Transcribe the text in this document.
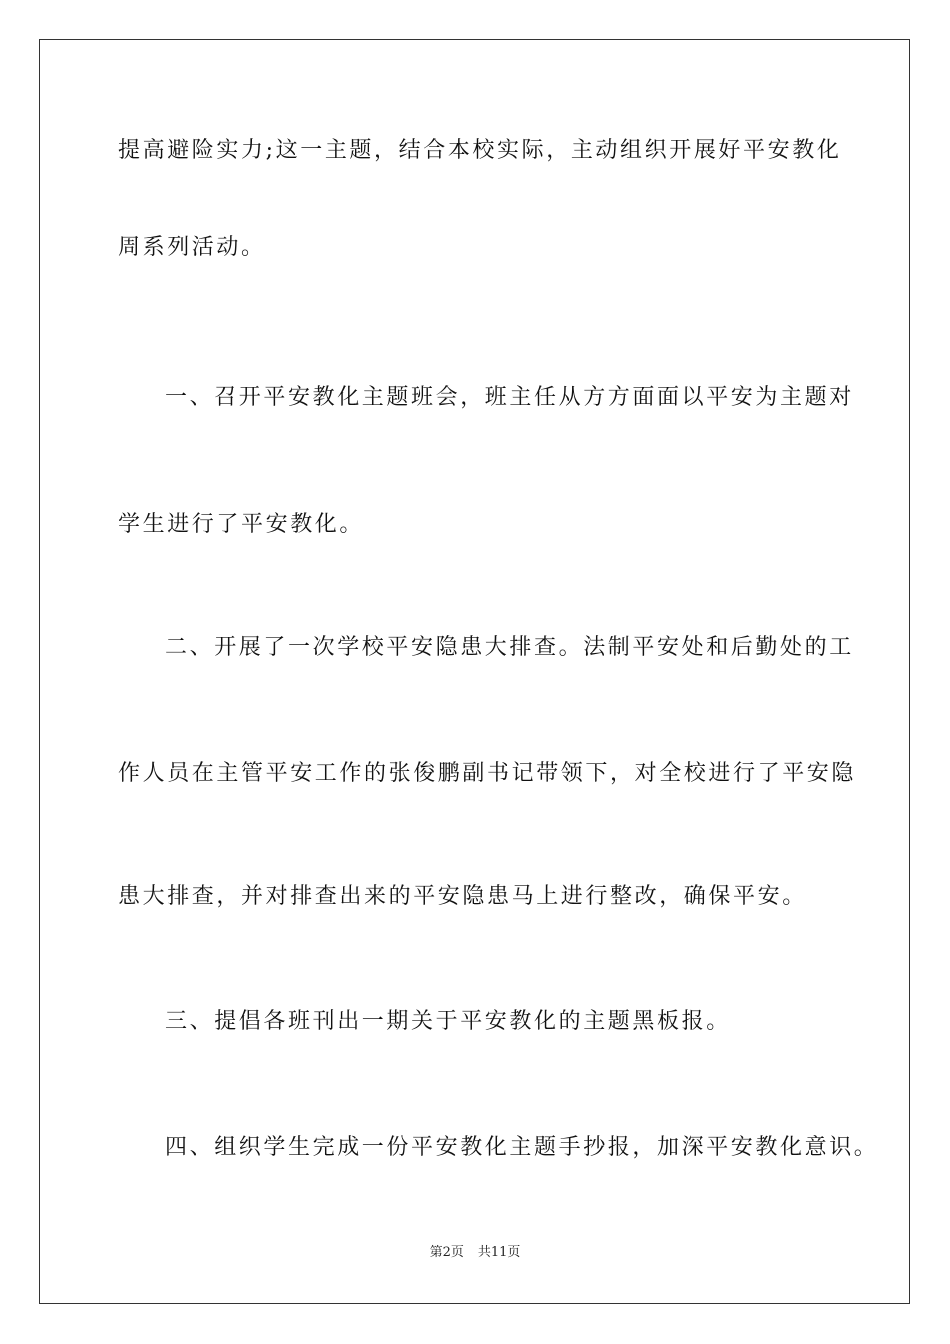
提高避险实力;这一主题，结合本校实际，主动组织开展好平安教化
周系列活动。
一、召开平安教化主题班会，班主任从方方面面以平安为主题对
学生进行了平安教化。
二、开展了一次学校平安隐患大排查。法制平安处和后勤处的工
作人员在主管平安工作的张俊鹏副书记带领下，对全校进行了平安隐
患大排查，并对排查出来的平安隐患马上进行整改，确保平安。
三、提倡各班刊出一期关于平安教化的主题黑板报。
四、组织学生完成一份平安教化主题手抄报，加深平安教化意识。
第2页 共11页
